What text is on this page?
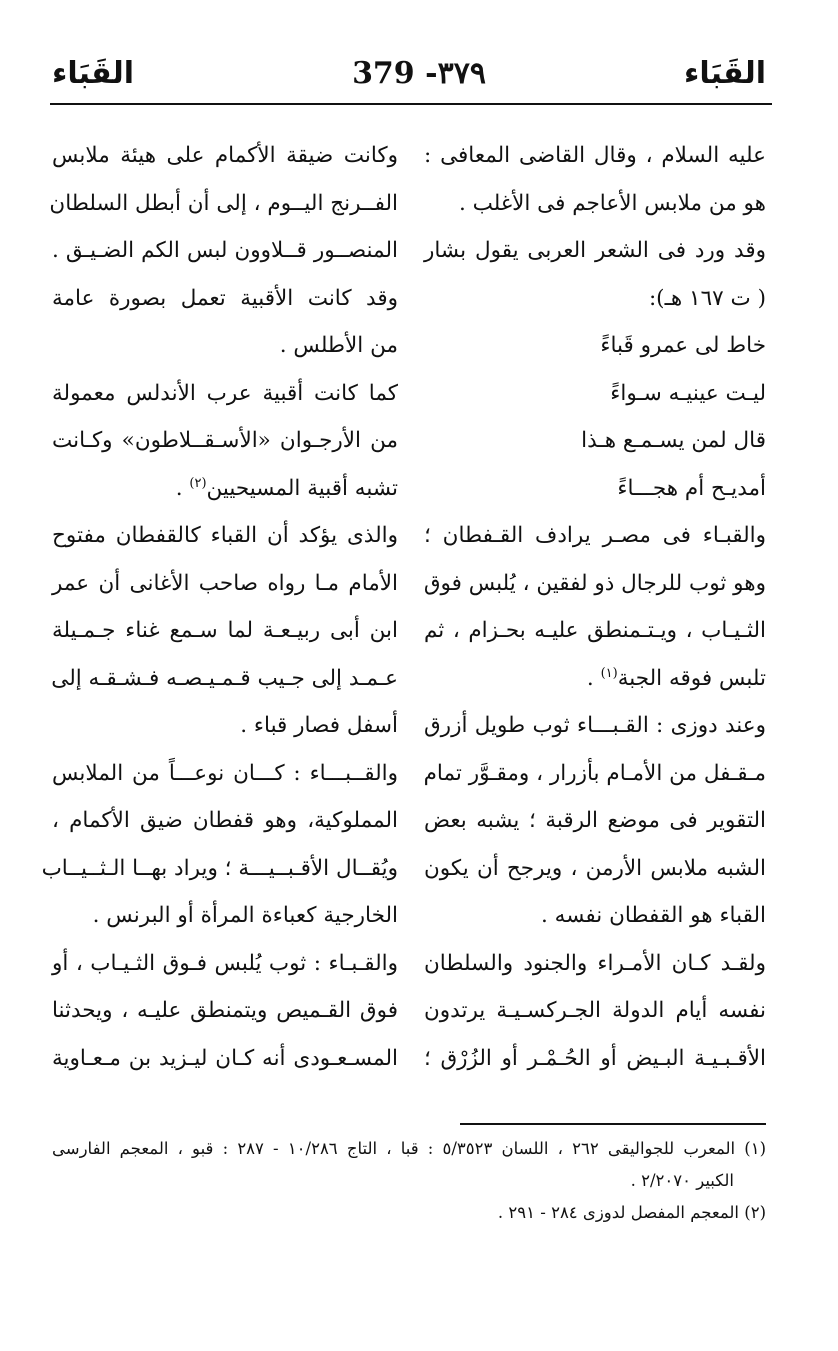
القَبَاء
379 -٣٧٩
القَبَاء
عليه السلام ، وقال القاضى المعافى :
هو من ملابس الأعاجم فى الأغلب .
وقد ورد فى الشعر العربى يقول بشار
( ت ١٦٧ هـ):
خاط لى عمرو قَباءً
ليـت عينيـه سـواءً
قال لمن يسـمـع هـذا
أمديـح أم هجـــاءً
والقبـاء فى مصـر يرادف القـفطان ؛
وهو ثوب للرجال ذو لفقين ، يُلبس فوق
الثـيـاب ، ويـتـمنطق عليـه بحـزام ، ثم
تلبس فوقه الجبة$^{(١)}$ .
وعند دوزى : القـبـــاء ثوب طويل أزرق
مـقـفل من الأمـام بأزرار ، ومقـوَّر تمام
التقوير فى موضع الرقبة ؛ يشبه بعض
الشبه ملابس الأرمن ، ويرجح أن يكون
القباء هو القفطان نفسه .
ولقـد كـان الأمـراء والجنود والسلطان
نفسه أيام الدولة الجـركسـيـة يرتدون
الأقـبـيـة البـيض أو الحُـمْـر أو الزُرْق ؛
وكانت ضيقة الأكمام على هيئة ملابس
الفــرنج اليــوم ، إلى أن أبطل السلطان
المنصــور قــلاوون لبس الكم الضـيـق .
وقد كانت الأقبية تعمل بصورة عامة
من الأطلس .
كما كانت أقبية عرب الأندلس معمولة
من الأرجـوان «الأسـقــلاطون» وكـانت
تشبه أقبية المسيحيين$^{(٢)}$ .
والذى يؤكد أن القباء كالقفطان مفتوح
الأمام مـا رواه صاحب الأغانى أن عمر
ابن أبى ربيـعـة لما سـمع غناء جـمـيلة
عـمـد إلى جـيب قـمـيـصـه فـشـقـه إلى
أسفل فصار قباء .
والقــبـــاء : كـــان نوعـــاً من الملابس
المملوكية، وهو قفطان ضيق الأكمام ،
ويُقــال الأقـبــيـــة ؛ ويراد بهــا الـثــيــاب
الخارجية كعباءة المرأة أو البرنس .
والقـبـاء : ثوب يُلبس فـوق الثـيـاب ، أو
فوق القـميص ويتمنطق عليـه ، ويحدثنا
المسـعـودى أنه كـان ليـزيد بن مـعـاوية
(١) المعرب للجواليقى ٢٦٢ ، اللسان ٥/٣٥٢٣ : قبا ، التاج ١٠/٢٨٦ - ٢٨٧ : قبو ، المعجم الفارسى
الكبير ٢/٢٠٧٠ .
(٢) المعجم المفصل لدوزى ٢٨٤ - ٢٩١ .
